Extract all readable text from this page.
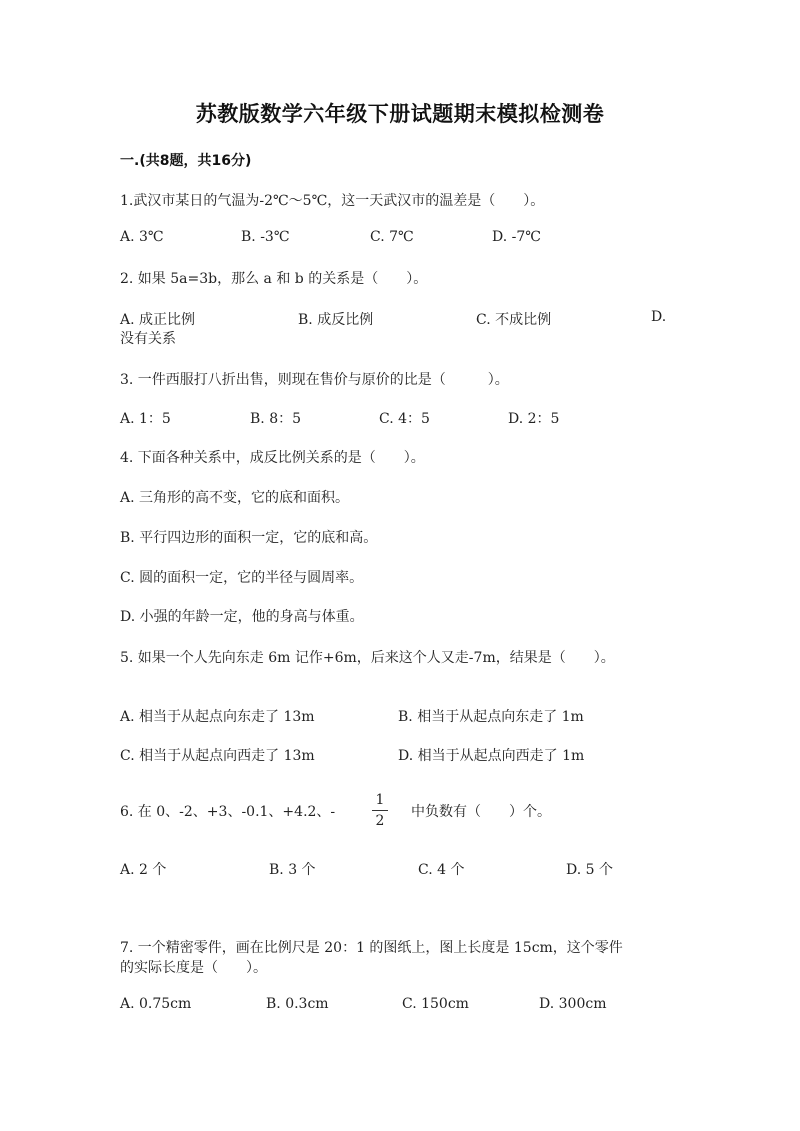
苏教版数学六年级下册试题期末模拟检测卷
一.(共8题，共16分)
1.武汉市某日的气温为-2℃～5℃，这一天武汉市的温差是（　　）。
A. 3℃	B. -3℃	C. 7℃	D. -7℃
2. 如果 5a=3b，那么 a 和 b 的关系是（　　）。
A. 成正比例	B. 成反比例	C. 不成比例	D.
没有关系
3. 一件西服打八折出售，则现在售价与原价的比是（　　　）。
A. 1：5	B. 8：5	C. 4：5	D. 2：5
4. 下面各种关系中，成反比例关系的是（　　）。
A. 三角形的高不变，它的底和面积。
B. 平行四边形的面积一定，它的底和高。
C. 圆的面积一定，它的半径与圆周率。
D. 小强的年龄一定，他的身高与体重。
5. 如果一个人先向东走 6m 记作+6m，后来这个人又走-7m，结果是（　　）。
A. 相当于从起点向东走了 13m	B. 相当于从起点向东走了 1m
C. 相当于从起点向西走了 13m	D. 相当于从起点向西走了 1m
6. 在 0、-2、+3、-0.1、+4.2、-
1
2
中负数有（　　）个。
A. 2 个	B. 3 个	C. 4 个	D. 5 个
7. 一个精密零件，画在比例尺是 20：1 的图纸上，图上长度是 15cm，这个零件
的实际长度是（　　）。
A. 0.75cm	B. 0.3cm	C. 150cm	D. 300cm
